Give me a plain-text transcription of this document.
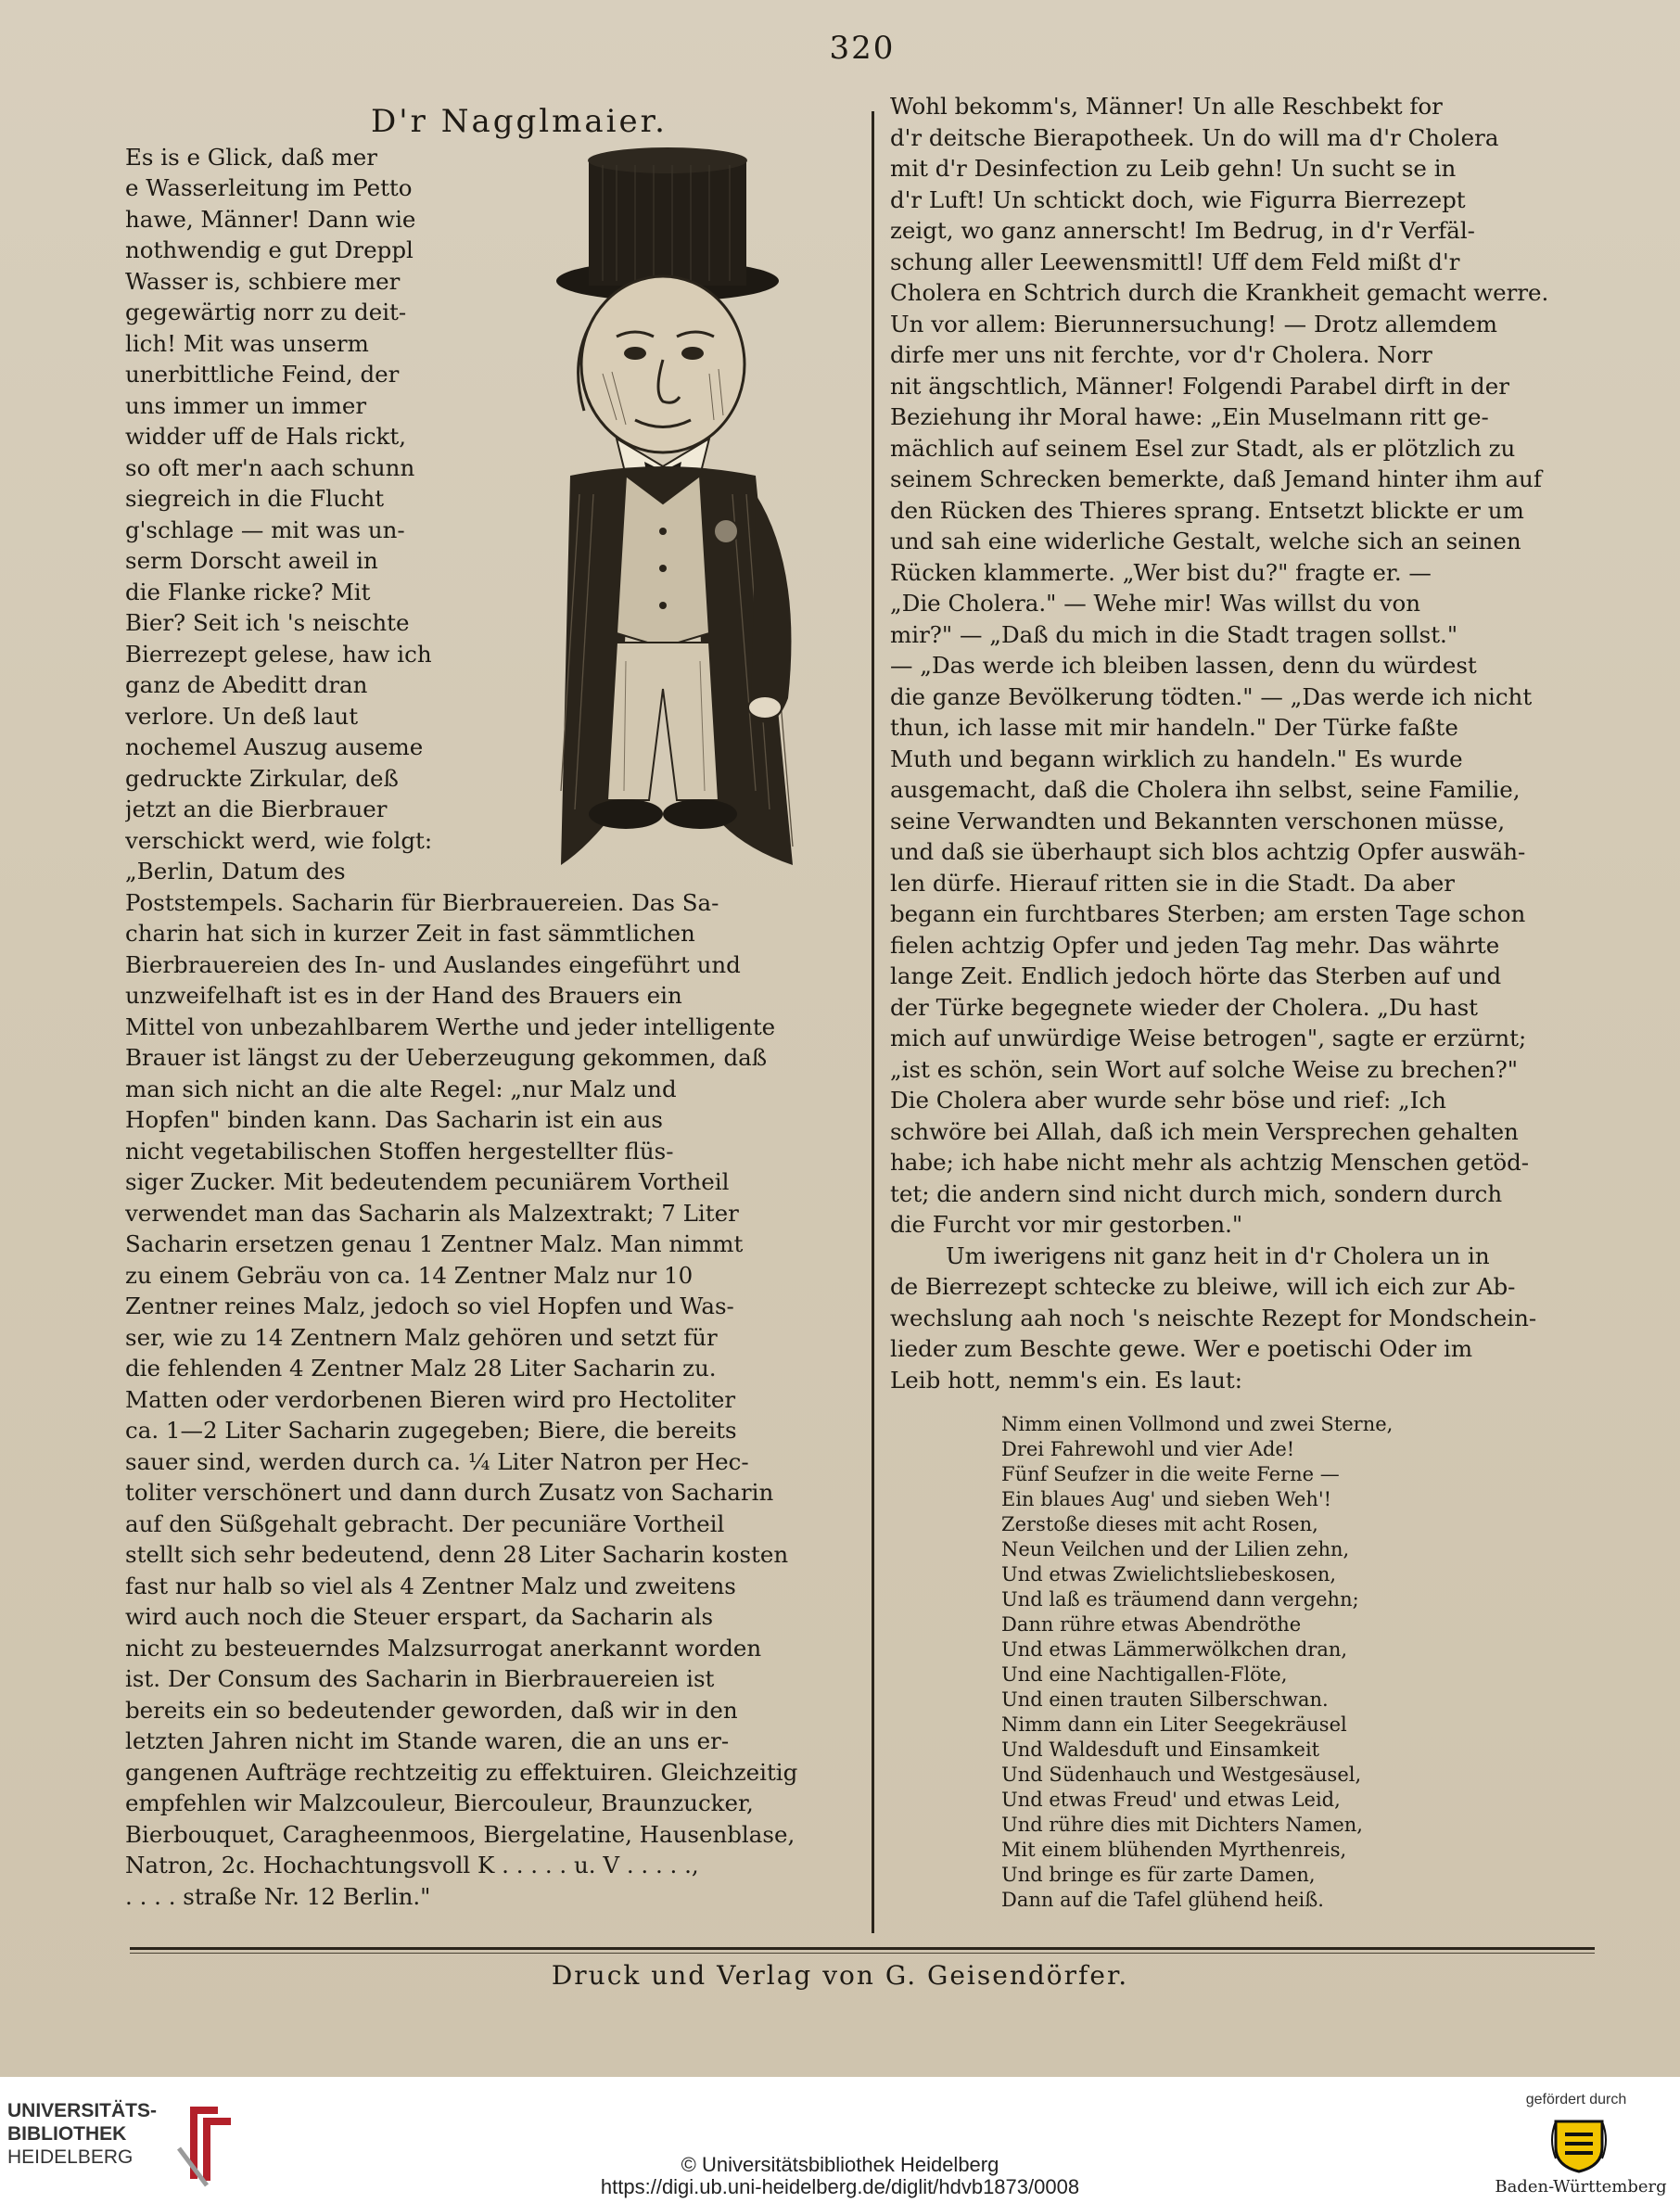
320
D'r Nagglmaier.
Es is e Glick, daß mer
e Wasserleitung im Petto
hawe, Männer! Dann wie
nothwendig e gut Dreppl
Wasser is, schbiere mer
gegewärtig norr zu deit-
lich! Mit was unserm
unerbittliche Feind, der
uns immer un immer
widder uff de Hals rickt,
so oft mer'n aach schunn
siegreich in die Flucht
g'schlage — mit was un-
serm Dorscht aweil in
die Flanke ricke? Mit
Bier? Seit ich 's neischte
Bierrezept gelese, haw ich
ganz de Abeditt dran
verlore. Un deß laut
nochemel Auszug auseme
gedruckte Zirkular, deß
jetzt an die Bierbrauer
verschickt werd, wie folgt:
„Berlin, Datum des
Poststempels. Sacharin für Bierbrauereien. Das Sa-
charin hat sich in kurzer Zeit in fast sämmtlichen
Bierbrauereien des In- und Auslandes eingeführt und
unzweifelhaft ist es in der Hand des Brauers ein
Mittel von unbezahlbarem Werthe und jeder intelligente
Brauer ist längst zu der Ueberzeugung gekommen, daß
man sich nicht an die alte Regel: „nur Malz und
Hopfen" binden kann. Das Sacharin ist ein aus
nicht vegetabilischen Stoffen hergestellter flüs-
siger Zucker. Mit bedeutendem pecuniärem Vortheil
verwendet man das Sacharin als Malzextrakt; 7 Liter
Sacharin ersetzen genau 1 Zentner Malz. Man nimmt
zu einem Gebräu von ca. 14 Zentner Malz nur 10
Zentner reines Malz, jedoch so viel Hopfen und Was-
ser, wie zu 14 Zentnern Malz gehören und setzt für
die fehlenden 4 Zentner Malz 28 Liter Sacharin zu.
Matten oder verdorbenen Bieren wird pro Hectoliter
ca. 1—2 Liter Sacharin zugegeben; Biere, die bereits
sauer sind, werden durch ca. ¼ Liter Natron per Hec-
toliter verschönert und dann durch Zusatz von Sacharin
auf den Süßgehalt gebracht. Der pecuniäre Vortheil
stellt sich sehr bedeutend, denn 28 Liter Sacharin kosten
fast nur halb so viel als 4 Zentner Malz und zweitens
wird auch noch die Steuer erspart, da Sacharin als
nicht zu besteuerndes Malzsurrogat anerkannt worden
ist. Der Consum des Sacharin in Bierbrauereien ist
bereits ein so bedeutender geworden, daß wir in den
letzten Jahren nicht im Stande waren, die an uns er-
gangenen Aufträge rechtzeitig zu effektuiren. Gleichzeitig
empfehlen wir Malzcouleur, Biercouleur, Braunzucker,
Bierbouquet, Caragheenmoos, Biergelatine, Hausenblase,
Natron, 2c. Hochachtungsvoll K . . . . . u. V . . . . .,
. . . . straße Nr. 12 Berlin."
Wohl bekomm's, Männer! Un alle Reschbekt for
d'r deitsche Bierapotheek. Un do will ma d'r Cholera
mit d'r Desinfection zu Leib gehn! Un sucht se in
d'r Luft! Un schtickt doch, wie Figurra Bierrezept
zeigt, wo ganz annerscht! Im Bedrug, in d'r Verfäl-
schung aller Leewensmittl! Uff dem Feld mißt d'r
Cholera en Schtrich durch die Krankheit gemacht werre.
Un vor allem: Bierunnersuchung! — Drotz allemdem
dirfe mer uns nit ferchte, vor d'r Cholera. Norr
nit ängschtlich, Männer! Folgendi Parabel dirft in der
Beziehung ihr Moral hawe: „Ein Muselmann ritt ge-
mächlich auf seinem Esel zur Stadt, als er plötzlich zu
seinem Schrecken bemerkte, daß Jemand hinter ihm auf
den Rücken des Thieres sprang. Entsetzt blickte er um
und sah eine widerliche Gestalt, welche sich an seinen
Rücken klammerte. „Wer bist du?" fragte er. —
„Die Cholera." — Wehe mir! Was willst du von
mir?" — „Daß du mich in die Stadt tragen sollst."
— „Das werde ich bleiben lassen, denn du würdest
die ganze Bevölkerung tödten." — „Das werde ich nicht
thun, ich lasse mit mir handeln." Der Türke faßte
Muth und begann wirklich zu handeln." Es wurde
ausgemacht, daß die Cholera ihn selbst, seine Familie,
seine Verwandten und Bekannten verschonen müsse,
und daß sie überhaupt sich blos achtzig Opfer auswäh-
len dürfe. Hierauf ritten sie in die Stadt. Da aber
begann ein furchtbares Sterben; am ersten Tage schon
fielen achtzig Opfer und jeden Tag mehr. Das währte
lange Zeit. Endlich jedoch hörte das Sterben auf und
der Türke begegnete wieder der Cholera. „Du hast
mich auf unwürdige Weise betrogen", sagte er erzürnt;
„ist es schön, sein Wort auf solche Weise zu brechen?"
Die Cholera aber wurde sehr böse und rief: „Ich
schwöre bei Allah, daß ich mein Versprechen gehalten
habe; ich habe nicht mehr als achtzig Menschen getöd-
tet; die andern sind nicht durch mich, sondern durch
die Furcht vor mir gestorben."
Um iwerigens nit ganz heit in d'r Cholera un in
de Bierrezept schtecke zu bleiwe, will ich eich zur Ab-
wechslung aah noch 's neischte Rezept for Mondschein-
lieder zum Beschte gewe. Wer e poetischi Oder im
Leib hott, nemm's ein. Es laut:
Nimm einen Vollmond und zwei Sterne,
Drei Fahrewohl und vier Ade!
Fünf Seufzer in die weite Ferne —
Ein blaues Aug' und sieben Weh'!
Zerstoße dieses mit acht Rosen,
Neun Veilchen und der Lilien zehn,
Und etwas Zwielichtsliebeskosen,
Und laß es träumend dann vergehn;
Dann rühre etwas Abendröthe
Und etwas Lämmerwölkchen dran,
Und eine Nachtigallen-Flöte,
Und einen trauten Silberschwan.
Nimm dann ein Liter Seegekräusel
Und Waldesduft und Einsamkeit
Und Südenhauch und Westgesäusel,
Und etwas Freud' und etwas Leid,
Und rühre dies mit Dichters Namen,
Mit einem blühenden Myrthenreis,
Und bringe es für zarte Damen,
Dann auf die Tafel glühend heiß.
Druck und Verlag von G. Geisendörfer.
UNIVERSITÄTS-
BIBLIOTHEK
HEIDELBERG	© Universitätsbibliothek Heidelberg
https://digi.ub.uni-heidelberg.de/diglit/hdvb1873/0008
gefördert durch
Baden-Württemberg
